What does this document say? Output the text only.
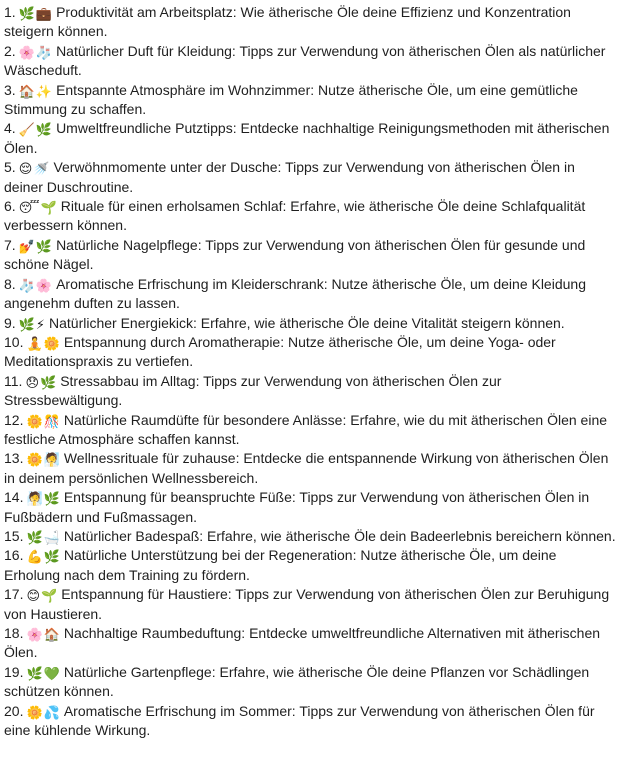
1. 🌿💼 Produktivität am Arbeitsplatz: Wie ätherische Öle deine Effizienz und Konzentration steigern können.
2. 🌸🧦 Natürlicher Duft für Kleidung: Tipps zur Verwendung von ätherischen Ölen als natürlicher Wäscheduft.
3. 🏠✨ Entspannte Atmosphäre im Wohnzimmer: Nutze ätherische Öle, um eine gemütliche Stimmung zu schaffen.
4. 🧹🌿 Umweltfreundliche Putztipps: Entdecke nachhaltige Reinigungsmethoden mit ätherischen Ölen.
5. 😌🚿 Verwöhnmomente unter der Dusche: Tipps zur Verwendung von ätherischen Ölen in deiner Duschroutine.
6. 😴🌱 Rituale für einen erholsamen Schlaf: Erfahre, wie ätherische Öle deine Schlafqualität verbessern können.
7. 💅🌿 Natürliche Nagelpflege: Tipps zur Verwendung von ätherischen Ölen für gesunde und schöne Nägel.
8. 🧦🌸 Aromatische Erfrischung im Kleiderschrank: Nutze ätherische Öle, um deine Kleidung angenehm duften zu lassen.
9. 🌿⚡ Natürlicher Energiekick: Erfahre, wie ätherische Öle deine Vitalität steigern können.
10. 🧘🌼 Entspannung durch Aromatherapie: Nutze ätherische Öle, um deine Yoga- oder Meditationspraxis zu vertiefen.
11. 😞🌿 Stressabbau im Alltag: Tipps zur Verwendung von ätherischen Ölen zur Stressbewältigung.
12. 🌼🎊 Natürliche Raumdüfte für besondere Anlässe: Erfahre, wie du mit ätherischen Ölen eine festliche Atmosphäre schaffen kannst.
13. 🌼🧖 Wellnessrituale für zuhause: Entdecke die entspannende Wirkung von ätherischen Ölen in deinem persönlichen Wellnessbereich.
14. 🧖🌿 Entspannung für beanspruchte Füße: Tipps zur Verwendung von ätherischen Ölen in Fußbädern und Fußmassagen.
15. 🌿🛁 Natürlicher Badespaß: Erfahre, wie ätherische Öle dein Badeerlebnis bereichern können.
16. 💪🌿 Natürliche Unterstützung bei der Regeneration: Nutze ätherische Öle, um deine Erholung nach dem Training zu fördern.
17. 😊🌱 Entspannung für Haustiere: Tipps zur Verwendung von ätherischen Ölen zur Beruhigung von Haustieren.
18. 🌸🏠 Nachhaltige Raumbeduftung: Entdecke umweltfreundliche Alternativen mit ätherischen Ölen.
19. 🌿💚 Natürliche Gartenpflege: Erfahre, wie ätherische Öle deine Pflanzen vor Schädlingen schützen können.
20. 🌼💦 Aromatische Erfrischung im Sommer: Tipps zur Verwendung von ätherischen Ölen für eine kühlende Wirkung.
